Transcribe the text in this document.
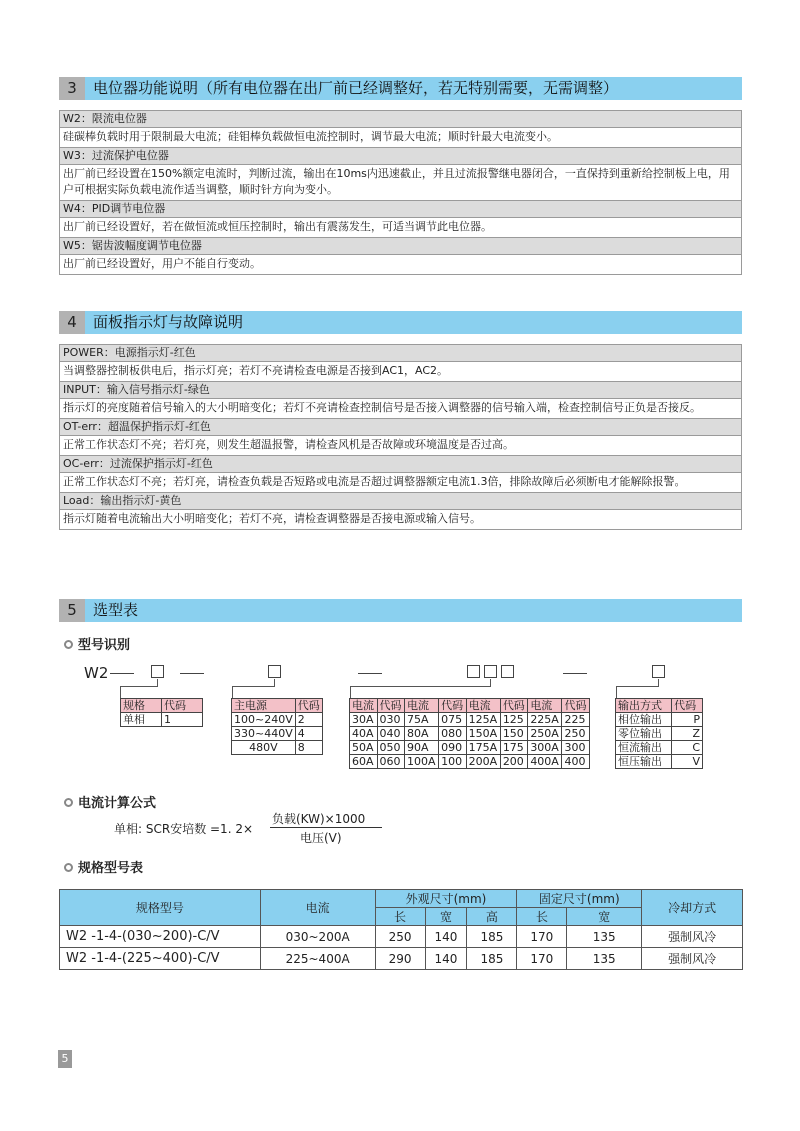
3	电位器功能说明（所有电位器在出厂前已经调整好，若无特别需要，无需调整）
W2：限流电位器
硅碳棒负载时用于限制最大电流；硅钼棒负载做恒电流控制时，调节最大电流；顺时针最大电流变小。
W3：过流保护电位器
出厂前已经设置在150%额定电流时，判断过流，输出在10ms内迅速截止，并且过流报警继电器闭合，一直保持到重新给控制板上电，用户可根据实际负载电流作适当调整，顺时针方向为变小。
W4：PID调节电位器
出厂前已经设置好，若在做恒流或恒压控制时，输出有震荡发生，可适当调节此电位器。
W5：锯齿波幅度调节电位器
出厂前已经设置好，用户不能自行变动。
4	面板指示灯与故障说明
POWER：电源指示灯-红色
当调整器控制板供电后，指示灯亮；若灯不亮请检查电源是否接到AC1，AC2。
INPUT：输入信号指示灯-绿色
指示灯的亮度随着信号输入的大小明暗变化；若灯不亮请检查控制信号是否接入调整器的信号输入端，检查控制信号正负是否接反。
OT-err：超温保护指示灯-红色
正常工作状态灯不亮；若灯亮，则发生超温报警，请检查风机是否故障或环境温度是否过高。
OC-err：过流保护指示灯-红色
正常工作状态灯不亮；若灯亮，请检查负载是否短路或电流是否超过调整器额定电流1.3倍，排除故障后必须断电才能解除报警。
Load：输出指示灯-黄色
指示灯随着电流输出大小明暗变化；若灯不亮，请检查调整器是否接电源或输入信号。
5	选型表
型号识别
W2
规格	代码
单相	1
主电源	代码
100~240V	2
330~440V	4
480V	8
电流	代码	电流	代码	电流	代码	电流	代码
30A	030	75A	075	125A	125	225A	225
40A	040	80A	080	150A	150	250A	250
50A	050	90A	090	175A	175	300A	300
60A	060	100A	100	200A	200	400A	400
输出方式	代码
相位输出	P
零位输出	Z
恒流输出	C
恒压输出	V
电流计算公式
单相: SCR安培数 =1. 2×
负载(KW)×1000
电压(V)
规格型号表
规格型号	电流	外观尺寸(mm)			固定尺寸(mm)		冷却方式
		长	宽	高	长	宽	
W2 -1-4-(030~200)-C/V	030~200A	250	140	185	170	135	强制风冷
W2 -1-4-(225~400)-C/V	225~400A	290	140	185	170	135	强制风冷
5
